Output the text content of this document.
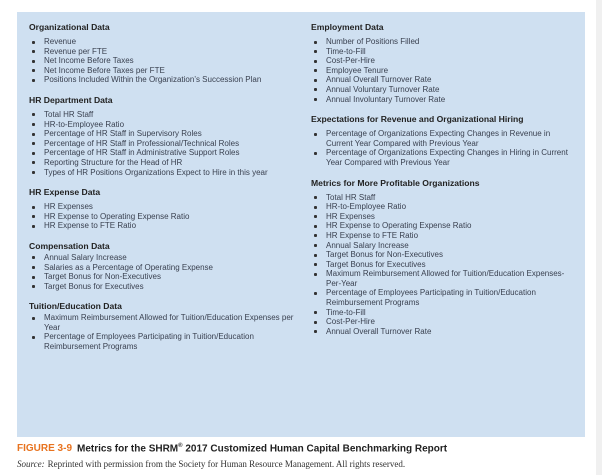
Organizational Data
Revenue
Revenue per FTE
Net Income Before Taxes
Net Income Before Taxes per FTE
Positions Included Within the Organization’s Succession Plan
HR Department Data
Total HR Staff
HR-to-Employee Ratio
Percentage of HR Staff in Supervisory Roles
Percentage of HR Staff in Professional/Technical Roles
Percentage of HR Staff in Administrative Support Roles
Reporting Structure for the Head of HR
Types of HR Positions Organizations Expect to Hire in this year
HR Expense Data
HR Expenses
HR Expense to Operating Expense Ratio
HR Expense to FTE Ratio
Compensation Data
Annual Salary Increase
Salaries as a Percentage of Operating Expense
Target Bonus for Non-Executives
Target Bonus for Executives
Tuition/Education Data
Maximum Reimbursement Allowed for Tuition/Education Expenses per Year
Percentage of Employees Participating in Tuition/Education Reimbursement Programs
Employment Data
Number of Positions Filled
Time-to-Fill
Cost-Per-Hire
Employee Tenure
Annual Overall Turnover Rate
Annual Voluntary Turnover Rate
Annual Involuntary Turnover Rate
Expectations for Revenue and Organizational Hiring
Percentage of Organizations Expecting Changes in Revenue in Current Year Compared with Previous Year
Percentage of Organizations Expecting Changes in Hiring in Current Year Compared with Previous Year
Metrics for More Profitable Organizations
Total HR Staff
HR-to-Employee Ratio
HR Expenses
HR Expense to Operating Expense Ratio
HR Expense to FTE Ratio
Annual Salary Increase
Target Bonus for Non-Executives
Target Bonus for Executives
Maximum Reimbursement Allowed for Tuition/Education Expenses-Per-Year
Percentage of Employees Participating in Tuition/Education Reimbursement Programs
Time-to-Fill
Cost-Per-Hire
Annual Overall Turnover Rate
FIGURE 3-9 Metrics for the SHRM® 2017 Customized Human Capital Benchmarking Report
Source: Reprinted with permission from the Society for Human Resource Management. All rights reserved.
